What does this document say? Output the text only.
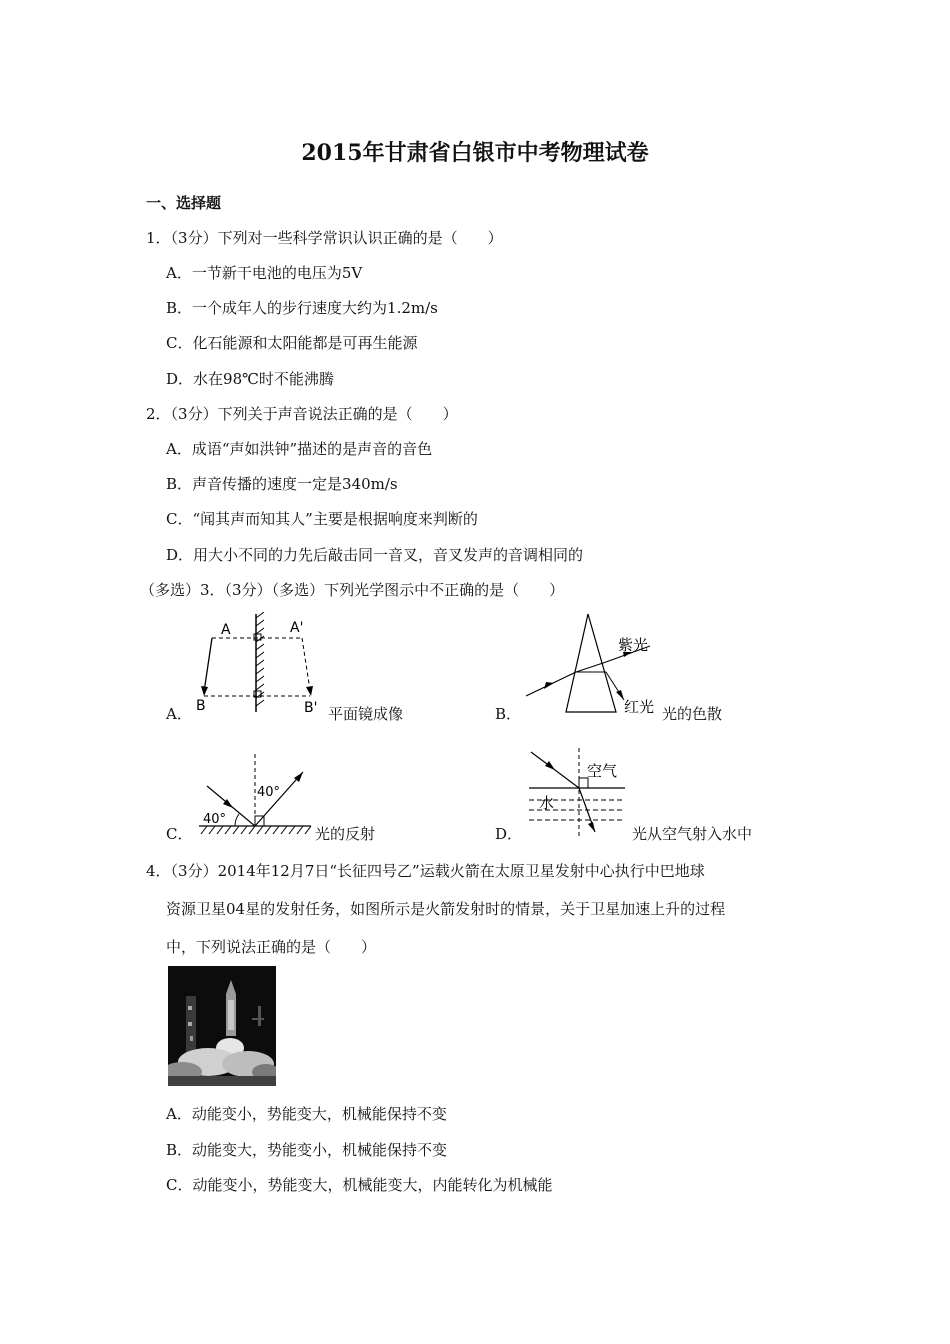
2015年甘肃省白银市中考物理试卷
一、选择题
1．（3分）下列对一些科学常识认识正确的是（　　）
A．一节新干电池的电压为5V
B．一个成年人的步行速度大约为1.2m/s
C．化石能源和太阳能都是可再生能源
D．水在98℃时不能沸腾
2．（3分）下列关于声音说法正确的是（　　）
A．成语“声如洪钟”描述的是声音的音色
B．声音传播的速度一定是340m/s
C．“闻其声而知其人”主要是根据响度来判断的
D．用大小不同的力先后敲击同一音叉，音叉发声的音调相同的
（多选）3．（3分）（多选）下列光学图示中不正确的是（　　）
A．
A	A'
B	B' 平面镜成像	B．
紫光
红光 光的色散
C．
40°
40°
光的反射	D．
空气
水
光从空气射入水中
4．（3分）2014年12月7日“长征四号乙”运载火箭在太原卫星发射中心执行中巴地球
资源卫星04星的发射任务，如图所示是火箭发射时的情景，关于卫星加速上升的过程
中，下列说法正确的是（　　）
A．动能变小，势能变大，机械能保持不变
B．动能变大，势能变小，机械能保持不变
C．动能变小，势能变大，机械能变大，内能转化为机械能
